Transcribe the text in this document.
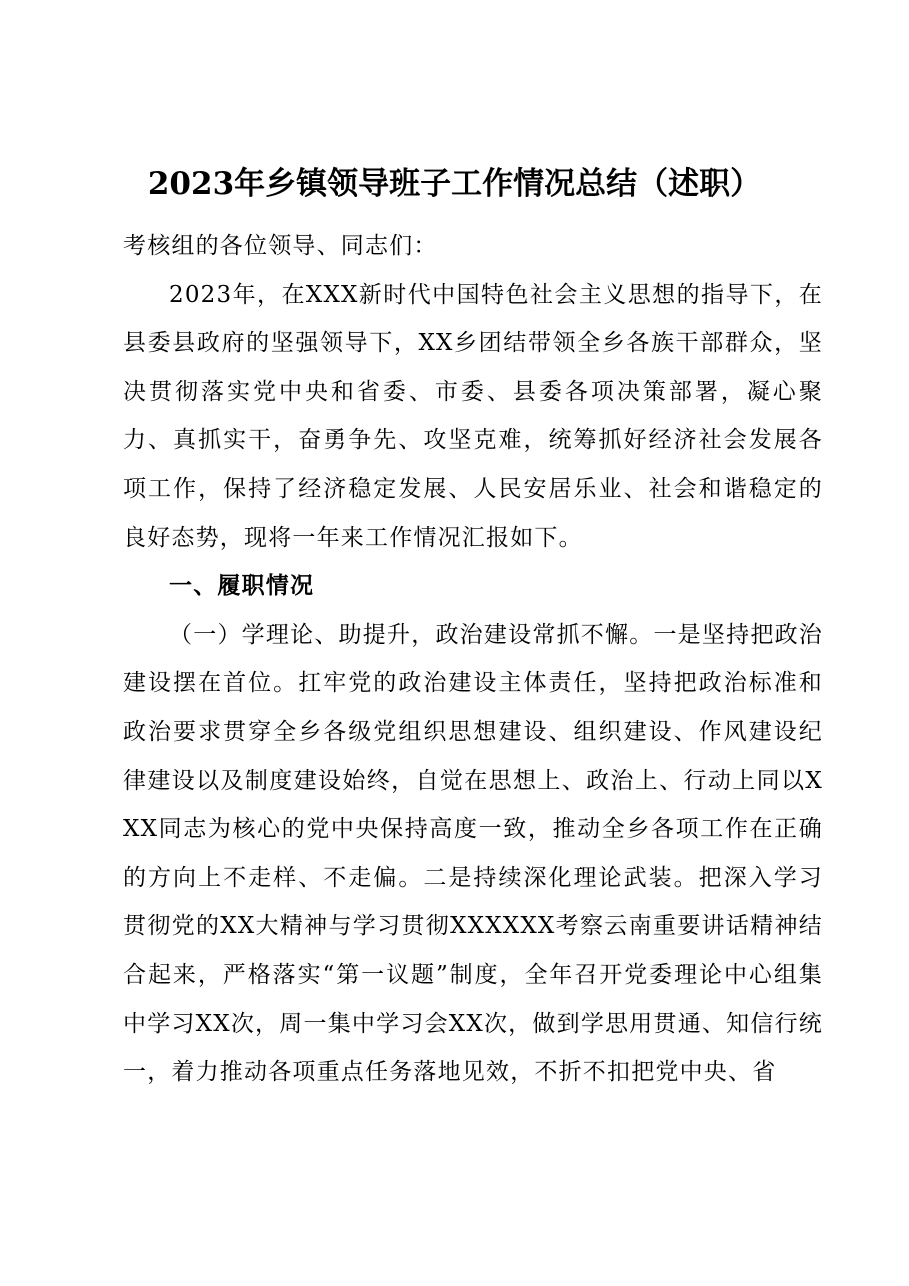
2023年乡镇领导班子工作情况总结（述职）

考核组的各位领导、同志们：

2023年，在XXX新时代中国特色社会主义思想的指导下，在县委县政府的坚强领导下，XX乡团结带领全乡各族干部群众，坚决贯彻落实党中央和省委、市委、县委各项决策部署，凝心聚力、真抓实干，奋勇争先、攻坚克难，统筹抓好经济社会发展各项工作，保持了经济稳定发展、人民安居乐业、社会和谐稳定的良好态势，现将一年来工作情况汇报如下。

一、履职情况

（一）学理论、助提升，政治建设常抓不懈。一是坚持把政治建设摆在首位。扛牢党的政治建设主体责任，坚持把政治标准和政治要求贯穿全乡各级党组织思想建设、组织建设、作风建设纪律建设以及制度建设始终，自觉在思想上、政治上、行动上同以XXX同志为核心的党中央保持高度一致，推动全乡各项工作在正确的方向上不走样、不走偏。二是持续深化理论武装。把深入学习贯彻党的XX大精神与学习贯彻XXXXXX考察云南重要讲话精神结合起来，严格落实“第一议题”制度，全年召开党委理论中心组集中学习XX次，周一集中学习会XX次，做到学思用贯通、知信行统一，着力推动各项重点任务落地见效，不折不扣把党中央、省
